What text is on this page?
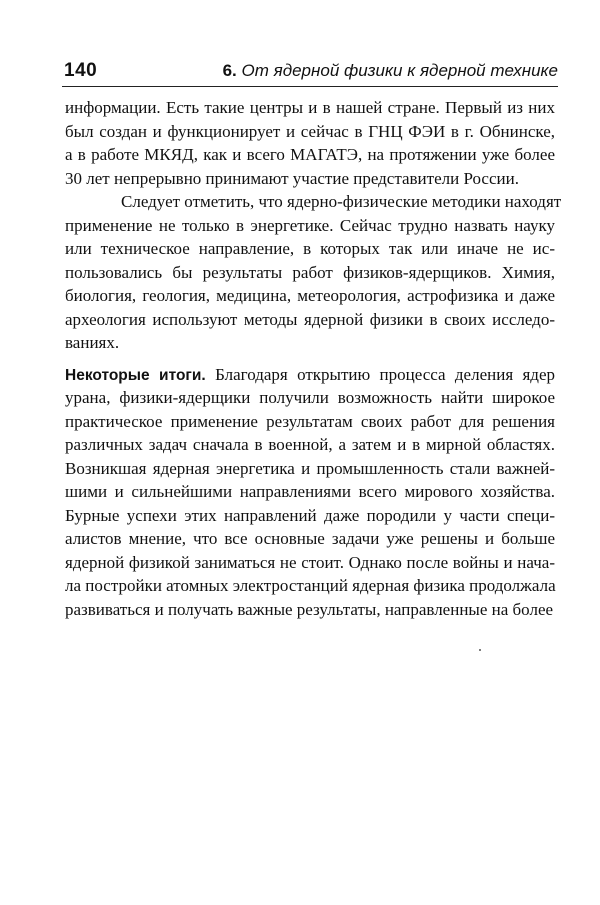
140	6. От ядерной физики к ядерной технике
информации. Есть такие центры и в нашей стране. Первый из них
был создан и функционирует и сейчас в ГНЦ ФЭИ в г. Обнинске,
а в работе МКЯД, как и всего МАГАТЭ, на протяжении уже более
30 лет непрерывно принимают участие представители России.
Следует отметить, что ядерно-физические методики находят
применение не только в энергетике. Сейчас трудно назвать науку
или техническое направление, в которых так или иначе не ис-
пользовались бы результаты работ физиков-ядерщиков. Химия,
биология, геология, медицина, метеорология, астрофизика и даже
археология используют методы ядерной физики в своих исследо-
ваниях.
Некоторые итоги. Благодаря открытию процесса деления ядер
урана, физики-ядерщики получили возможность найти широкое
практическое применение результатам своих работ для решения
различных задач сначала в военной, а затем и в мирной областях.
Возникшая ядерная энергетика и промышленность стали важней-
шими и сильнейшими направлениями всего мирового хозяйства.
Бурные успехи этих направлений даже породили у части специ-
алистов мнение, что все основные задачи уже решены и больше
ядерной физикой заниматься не стоит. Однако после войны и нача-
ла постройки атомных электростанций ядерная физика продолжала
развиваться и получать важные результаты, направленные на более
